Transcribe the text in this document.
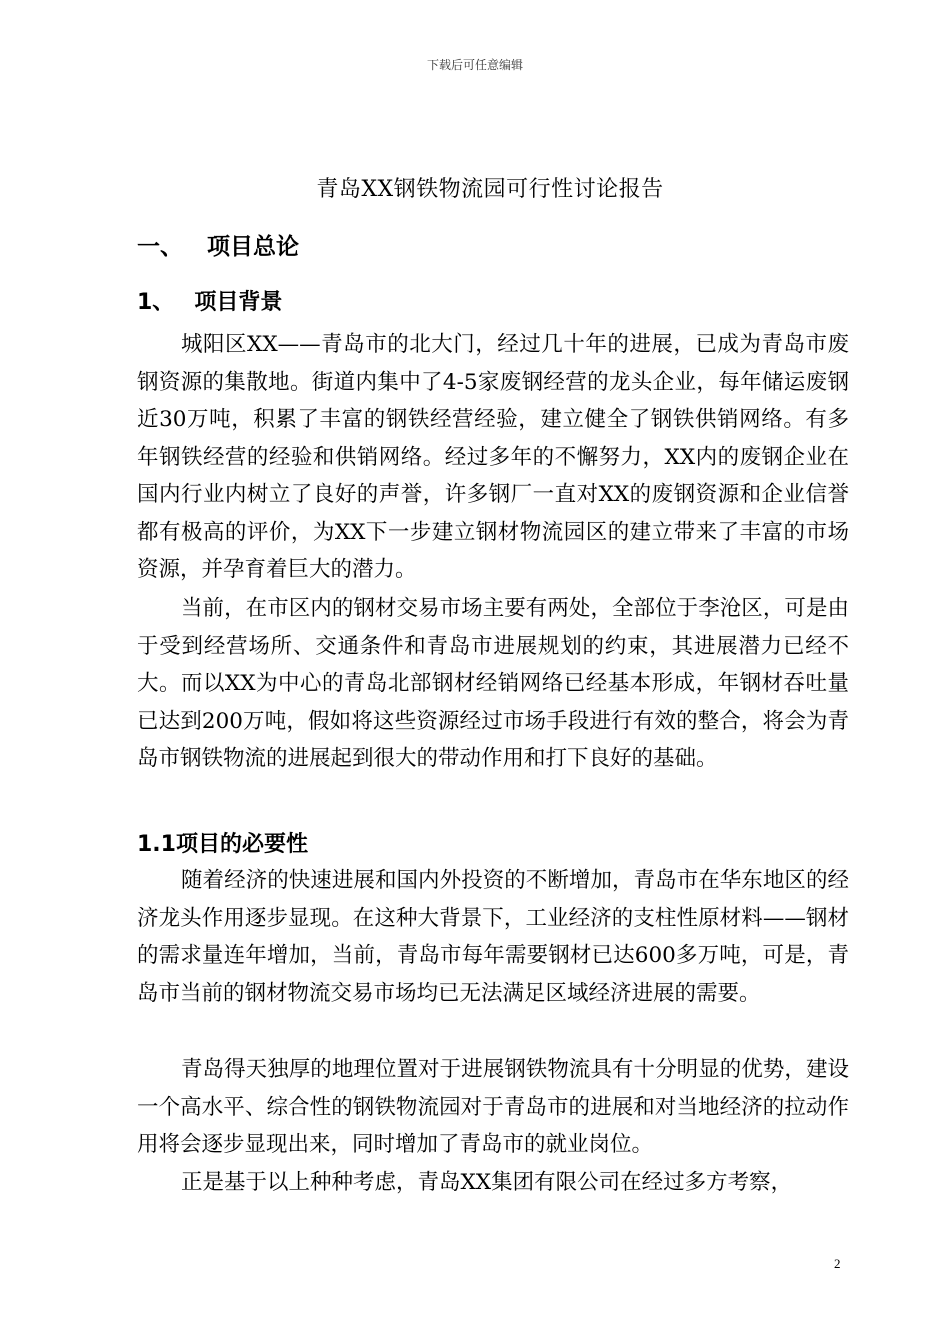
下载后可任意编辑
青岛XX钢铁物流园可行性讨论报告
一、 项目总论
1、 项目背景

城阳区XX——青岛市的北大门，经过几十年的进展，已成为青岛市废钢资源的集散地。街道内集中了4-5家废钢经营的龙头企业，每年储运废钢近30万吨，积累了丰富的钢铁经营经验，建立健全了钢铁供销网络。有多年钢铁经营的经验和供销网络。经过多年的不懈努力，XX内的废钢企业在国内行业内树立了良好的声誉，许多钢厂一直对XX的废钢资源和企业信誉都有极高的评价，为XX下一步建立钢材物流园区的建立带来了丰富的市场资源，并孕育着巨大的潜力。

当前，在市区内的钢材交易市场主要有两处，全部位于李沧区，可是由于受到经营场所、交通条件和青岛市进展规划的约束，其进展潜力已经不大。而以XX为中心的青岛北部钢材经销网络已经基本形成，年钢材吞吐量已达到200万吨，假如将这些资源经过市场手段进行有效的整合，将会为青岛市钢铁物流的进展起到很大的带动作用和打下良好的基础。

1.1项目的必要性

随着经济的快速进展和国内外投资的不断增加，青岛市在华东地区的经济龙头作用逐步显现。在这种大背景下，工业经济的支柱性原材料——钢材的需求量连年增加，当前，青岛市每年需要钢材已达600多万吨，可是，青岛市当前的钢材物流交易市场均已无法满足区域经济进展的需要。

青岛得天独厚的地理位置对于进展钢铁物流具有十分明显的优势，建设一个高水平、综合性的钢铁物流园对于青岛市的进展和对当地经济的拉动作用将会逐步显现出来，同时增加了青岛市的就业岗位。

正是基于以上种种考虑，青岛XX集团有限公司在经过多方考察，

2
